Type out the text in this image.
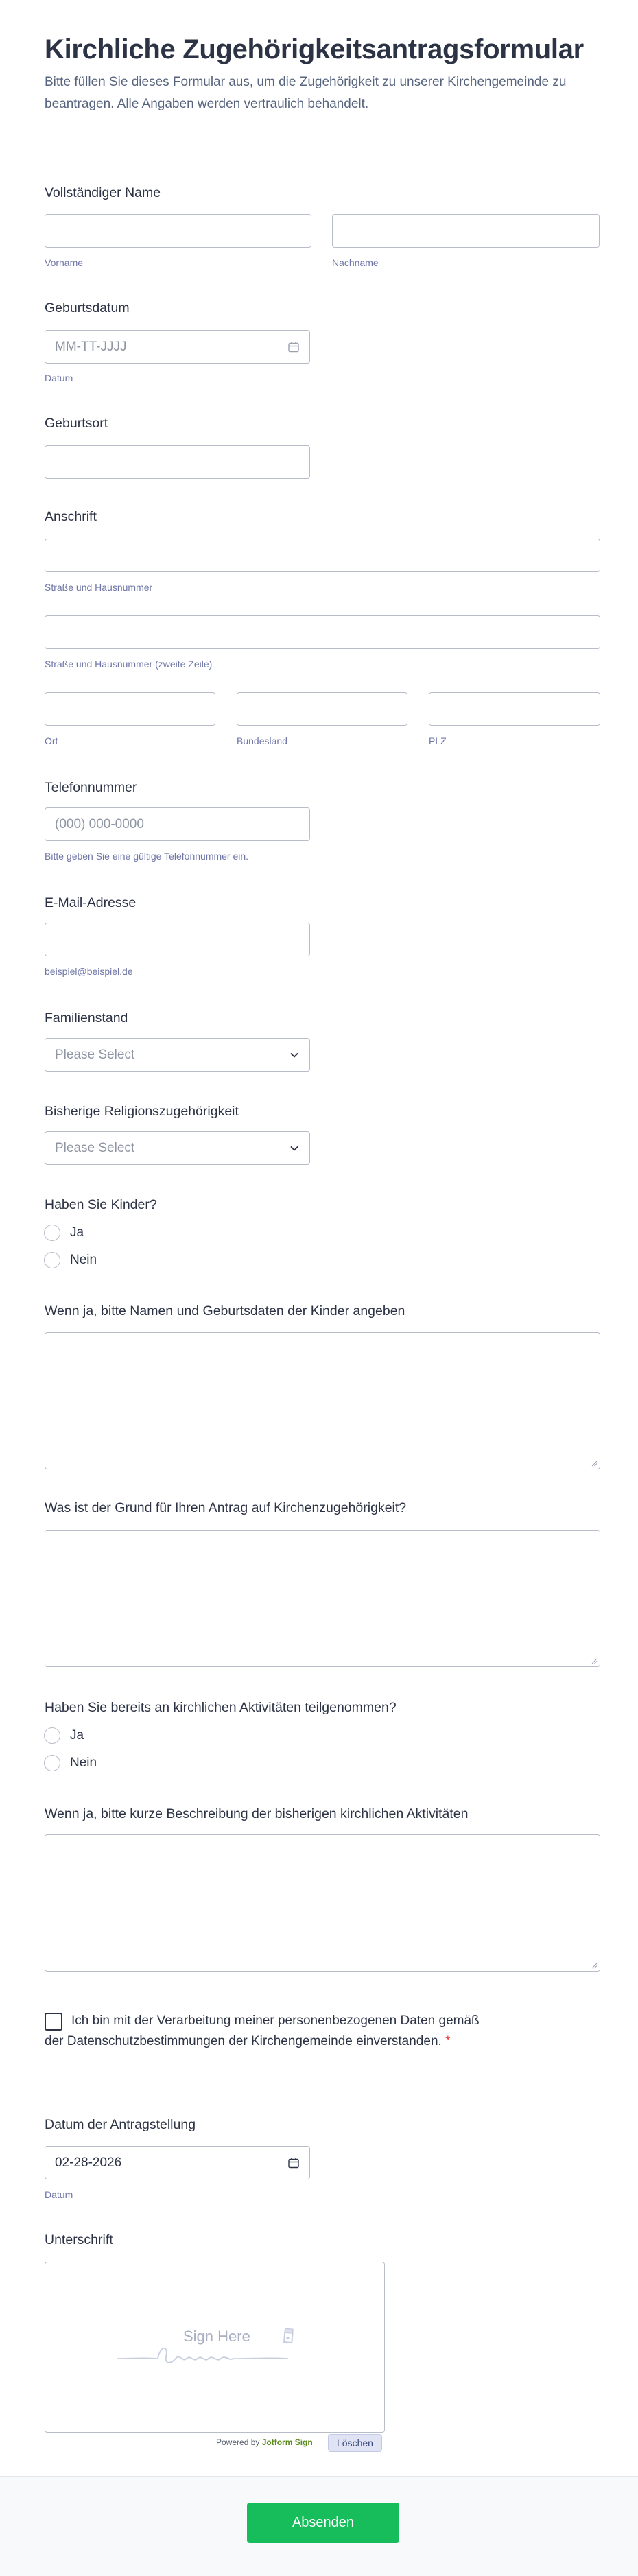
Kirchliche Zugehörigkeitsantragsformular
Bitte füllen Sie dieses Formular aus, um die Zugehörigkeit zu unserer Kirchengemeinde zu beantragen. Alle Angaben werden vertraulich behandelt.
Vollständiger Name
Vorname	Nachname
Geburtsdatum
MM-TT-JJJJ
Datum
Geburtsort
Anschrift
Straße und Hausnummer
Straße und Hausnummer (zweite Zeile)
Ort	Bundesland	PLZ
Telefonnummer
(000) 000-0000
Bitte geben Sie eine gültige Telefonnummer ein.
E-Mail-Adresse
beispiel@beispiel.de
Familienstand
Please Select
Bisherige Religionszugehörigkeit
Please Select
Haben Sie Kinder?
Ja
Nein
Wenn ja, bitte Namen und Geburtsdaten der Kinder angeben
Was ist der Grund für Ihren Antrag auf Kirchenzugehörigkeit?
Haben Sie bereits an kirchlichen Aktivitäten teilgenommen?
Ja
Nein
Wenn ja, bitte kurze Beschreibung der bisherigen kirchlichen Aktivitäten
Ich bin mit der Verarbeitung meiner personenbezogenen Daten gemäß
der Datenschutzbestimmungen der Kirchengemeinde einverstanden. *
Datum der Antragstellung
02-28-2026
Datum
Unterschrift
Sign Here
Powered by Jotform Sign	Löschen
Absenden
